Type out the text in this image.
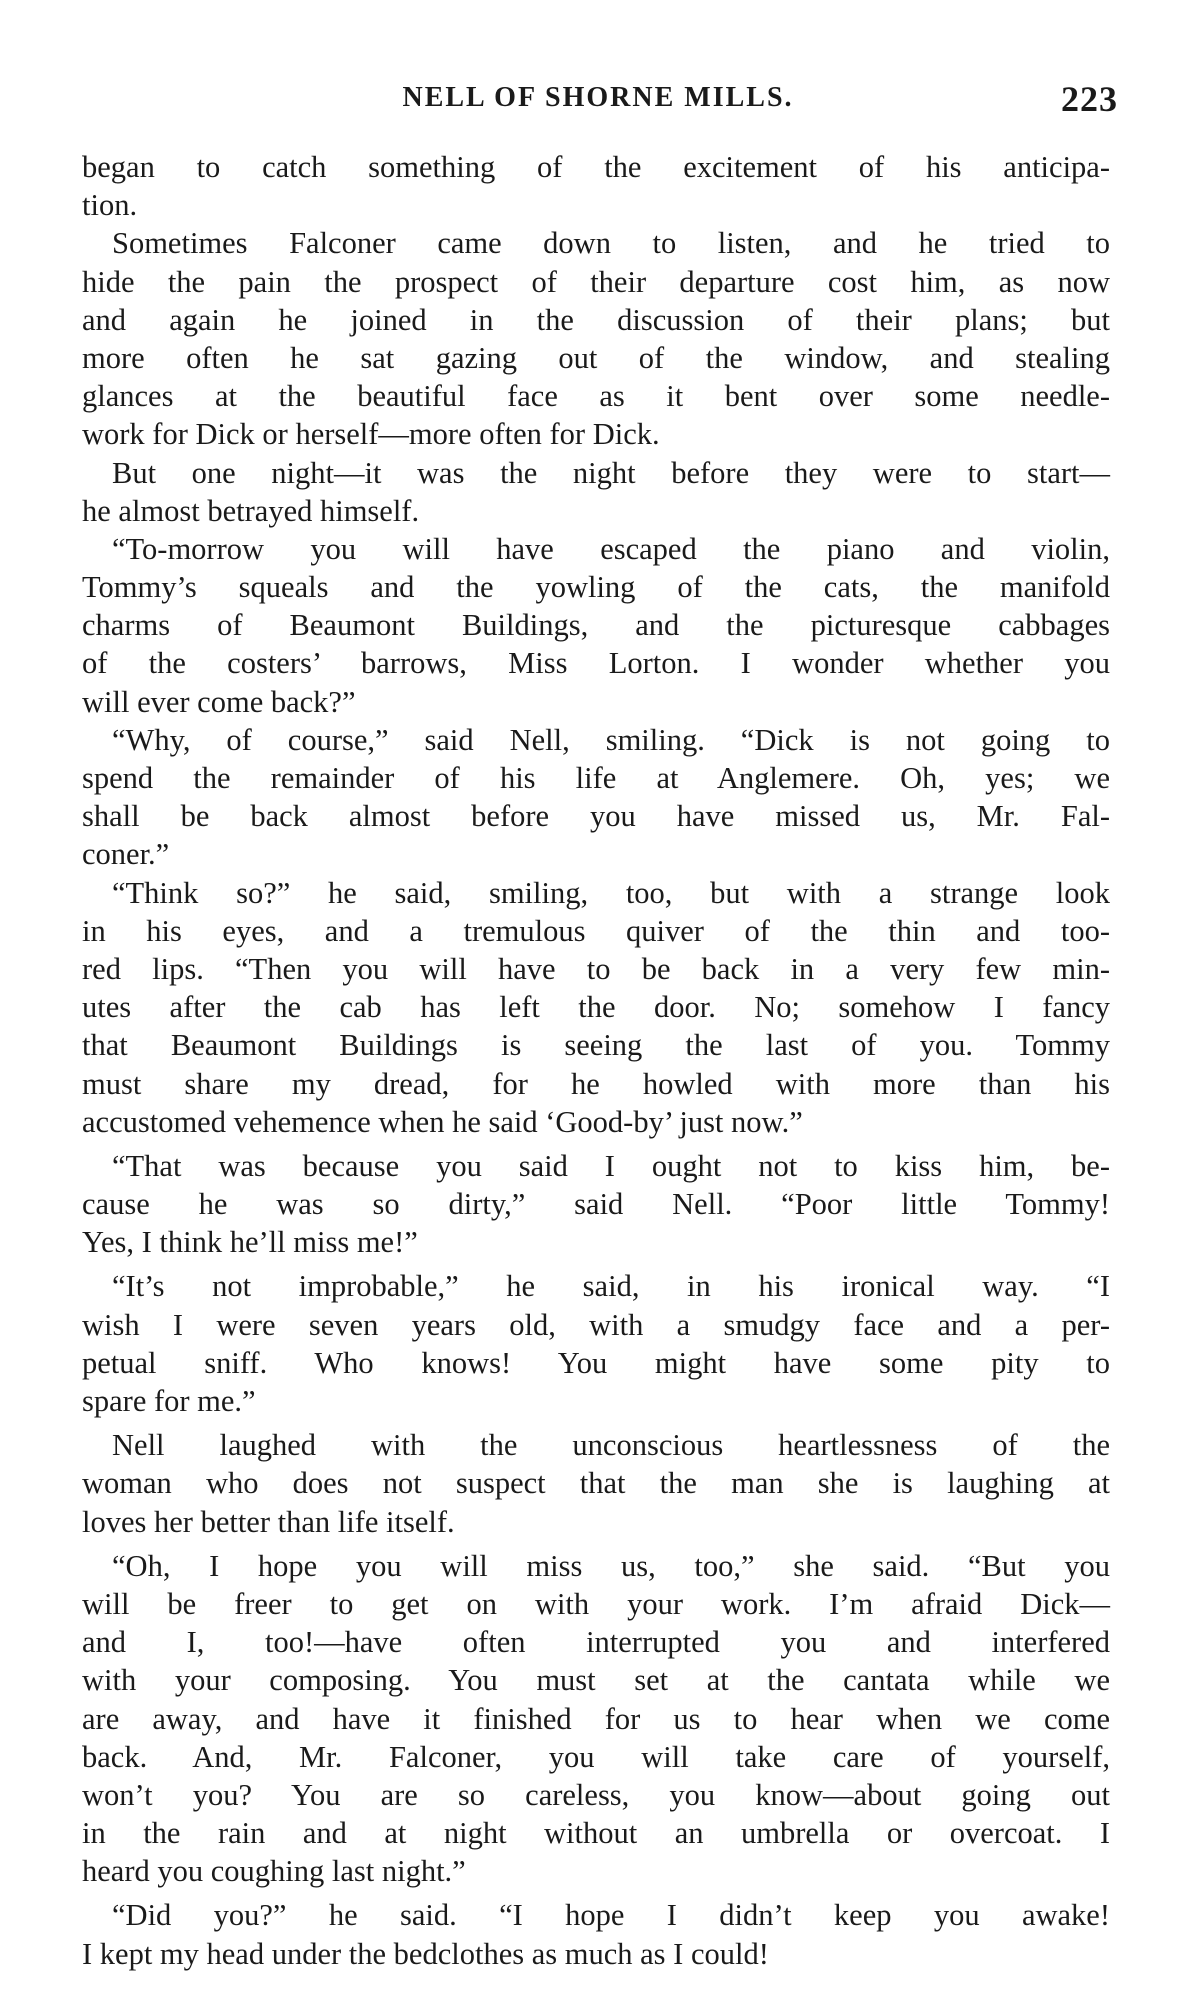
NELL OF SHORNE MILLS.	223
began to catch something of the excitement of his anticipa-
tion.
Sometimes Falconer came down to listen, and he tried to
hide the pain the prospect of their departure cost him, as now
and again he joined in the discussion of their plans; but
more often he sat gazing out of the window, and stealing
glances at the beautiful face as it bent over some needle-
work for Dick or herself—more often for Dick.
But one night—it was the night before they were to start—
he almost betrayed himself.
“To-morrow you will have escaped the piano and violin,
Tommy’s squeals and the yowling of the cats, the manifold
charms of Beaumont Buildings, and the picturesque cabbages
of the costers’ barrows, Miss Lorton. I wonder whether you
will ever come back?”
“Why, of course,” said Nell, smiling. “Dick is not going to
spend the remainder of his life at Anglemere. Oh, yes; we
shall be back almost before you have missed us, Mr. Fal-
coner.”
“Think so?” he said, smiling, too, but with a strange look
in his eyes, and a tremulous quiver of the thin and too-
red lips. “Then you will have to be back in a very few min-
utes after the cab has left the door. No; somehow I fancy
that Beaumont Buildings is seeing the last of you. Tommy
must share my dread, for he howled with more than his
accustomed vehemence when he said ‘Good-by’ just now.”
“That was because you said I ought not to kiss him, be-
cause he was so dirty,” said Nell. “Poor little Tommy!
Yes, I think he’ll miss me!”
“It’s not improbable,” he said, in his ironical way. “I
wish I were seven years old, with a smudgy face and a per-
petual sniff. Who knows! You might have some pity to
spare for me.”
Nell laughed with the unconscious heartlessness of the
woman who does not suspect that the man she is laughing at
loves her better than life itself.
“Oh, I hope you will miss us, too,” she said. “But you
will be freer to get on with your work. I’m afraid Dick—
and I, too!—have often interrupted you and interfered
with your composing. You must set at the cantata while we
are away, and have it finished for us to hear when we come
back. And, Mr. Falconer, you will take care of yourself,
won’t you? You are so careless, you know—about going out
in the rain and at night without an umbrella or overcoat. I
heard you coughing last night.”
“Did you?” he said. “I hope I didn’t keep you awake!
I kept my head under the bedclothes as much as I could!
